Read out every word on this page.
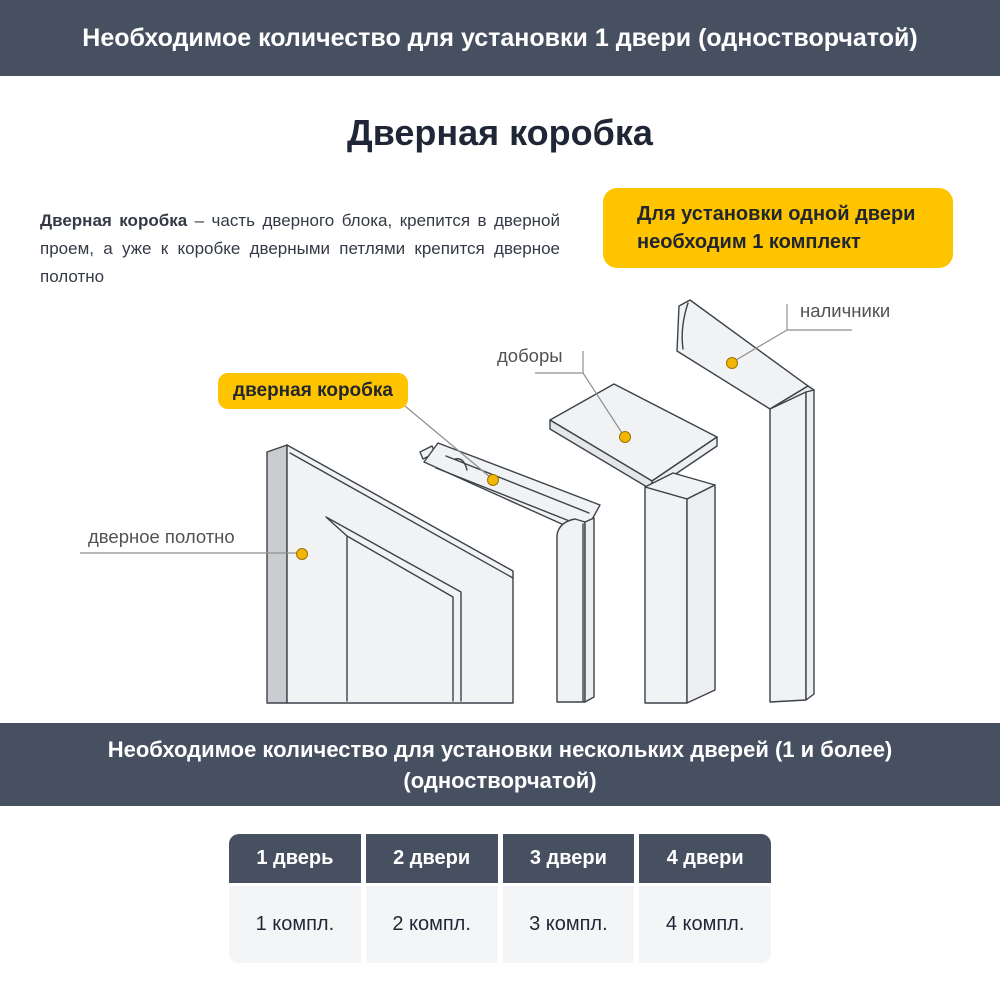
Необходимое количество для установки 1 двери (одностворчатой)
Дверная коробка

Дверная коробка – часть дверного блока, крепится в дверной проем, а уже к коробке дверными петлями крепится дверное полотно

Для установки одной двери
необходим 1 комплект
дверное полотно
доборы
наличники
дверная коробка
Необходимое количество для установки нескольких дверей (1 и более)
(одностворчатой)
1 дверь	2 двери	3 двери	4 двери
1 компл.	2 компл.	3 компл.	4 компл.
